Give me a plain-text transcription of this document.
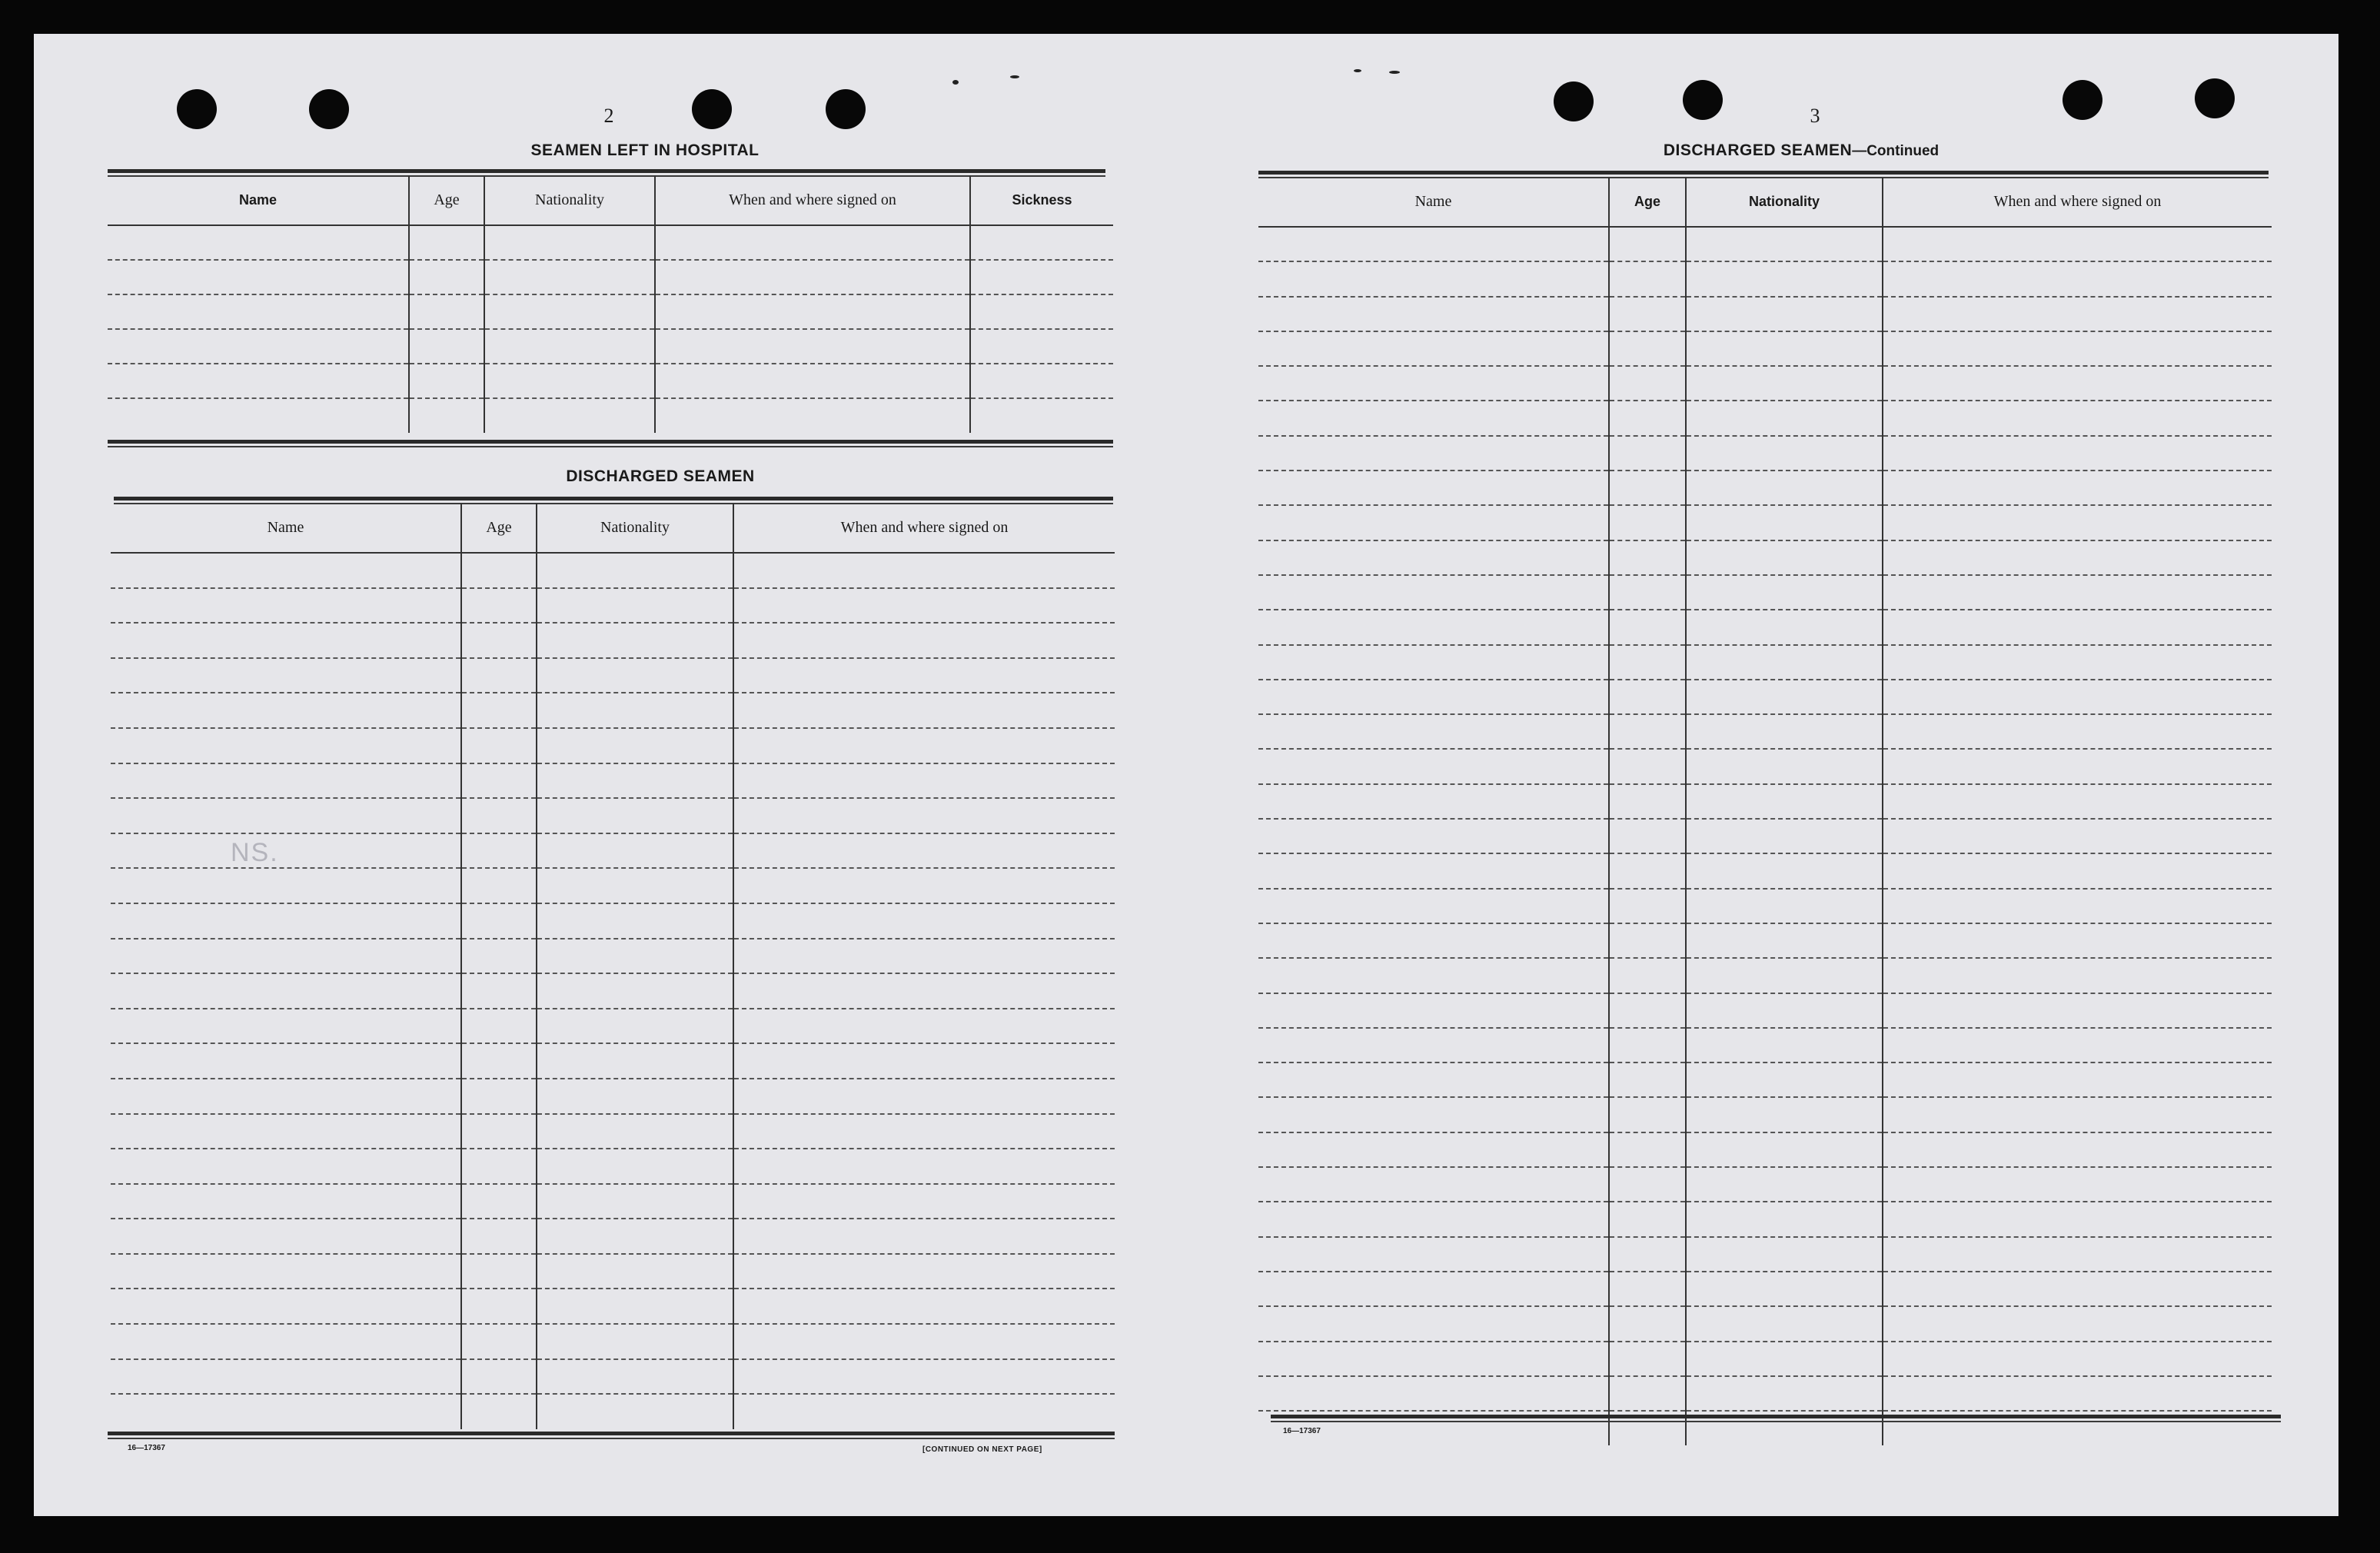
2
SEAMEN LEFT IN HOSPITAL
Name	Age	Nationality	When and where signed on	Sickness

DISCHARGED SEAMEN
Name	Age	Nationality	When and where signed on

NS.
16—17367	[CONTINUED ON NEXT PAGE]
3
DISCHARGED SEAMEN—Continued
Name	Age	Nationality	When and where signed on

16—17367
